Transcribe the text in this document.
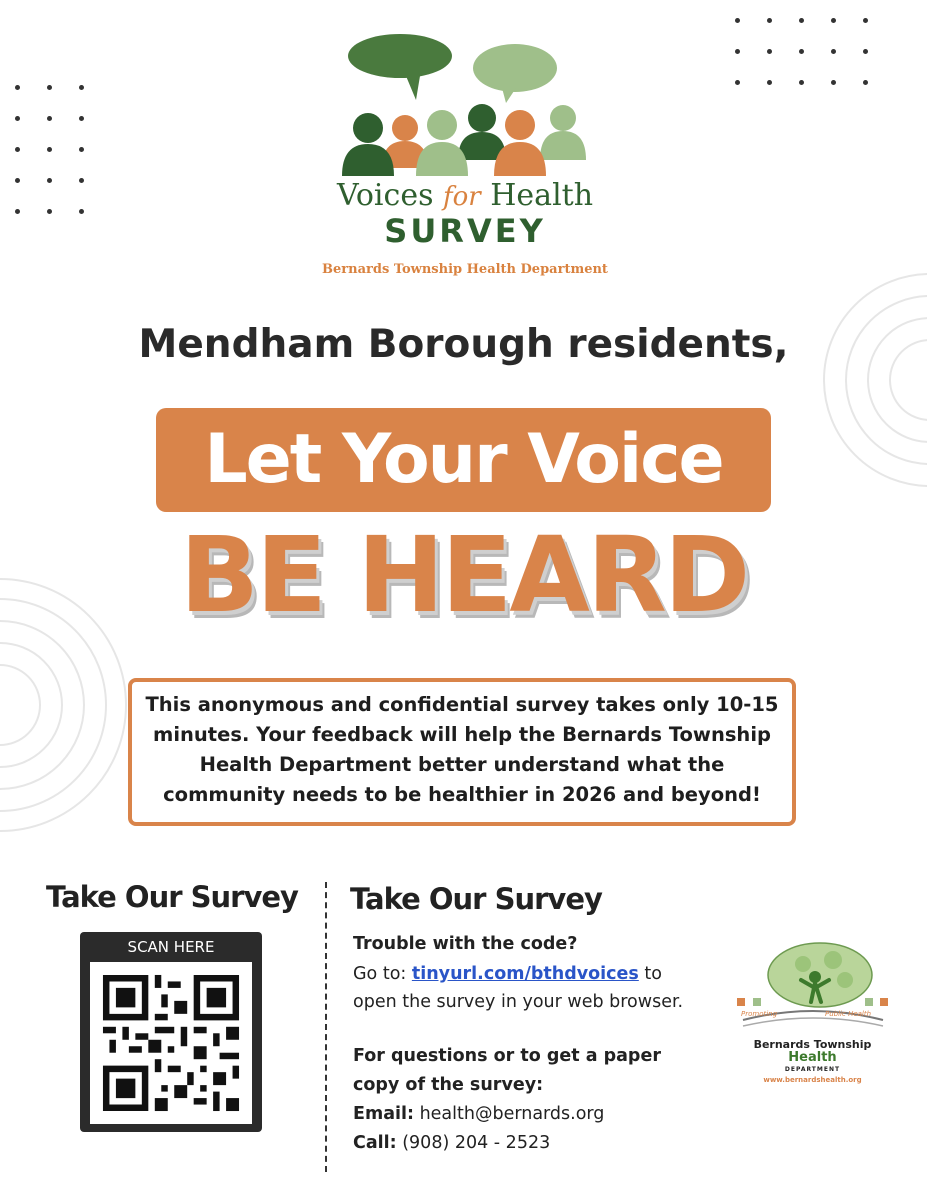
Voices for Health
SURVEY
Bernards Township Health Department
Mendham Borough residents,
Let Your Voice
BE HEARD
This anonymous and confidential survey takes only 10-15 minutes. Your feedback will help the Bernards Township Health Department better understand what the community needs to be healthier in 2026 and beyond!
Take Our Survey
SCAN HERE
Take Our Survey
Trouble with the code?
Go to: tinyurl.com/bthdvoices to
open the survey in your web browser.
For questions or to get a paper
copy of the survey:
Email: health@bernards.org
Call: (908) 204 - 2523
Promoting	Public Health
Bernards Township
Health
DEPARTMENT
www.bernardshealth.org
